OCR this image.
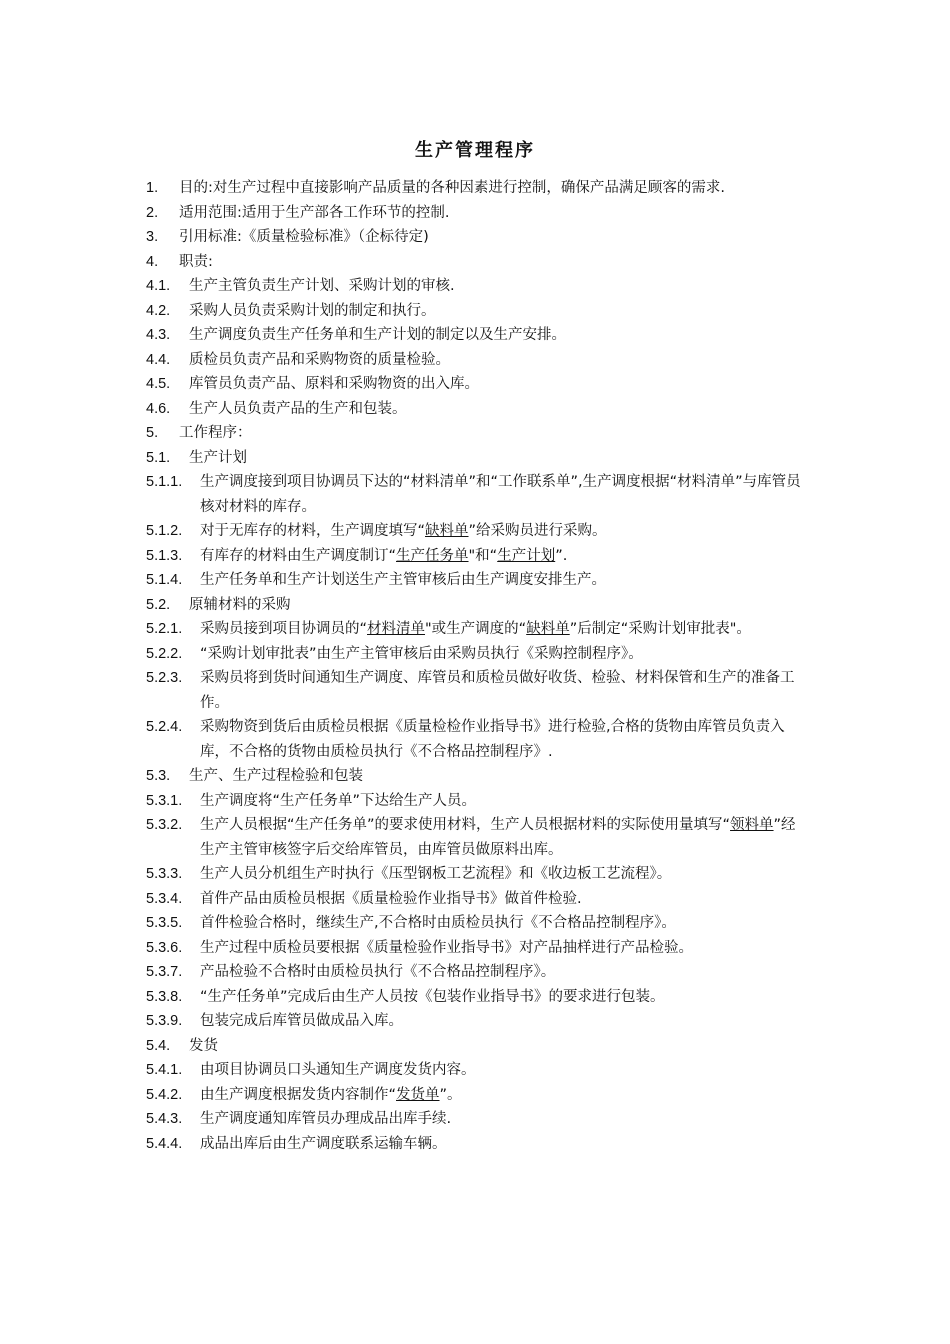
生产管理程序
1.	目的:对生产过程中直接影响产品质量的各种因素进行控制，确保产品满足顾客的需求.
2.	适用范围:适用于生产部各工作环节的控制.
3.	引用标准:《质量检验标准》（企标待定)
4.	职责:
4.1.	生产主管负责生产计划、采购计划的审核.
4.2.	采购人员负责采购计划的制定和执行。
4.3.	生产调度负责生产任务单和生产计划的制定以及生产安排。
4.4.	质检员负责产品和采购物资的质量检验。
4.5.	库管员负责产品、原料和采购物资的出入库。
4.6.	生产人员负责产品的生产和包装。
5.	工作程序：
5.1.	生产计划
5.1.1.	生产调度接到项目协调员下达的“材料清单”和“工作联系单”,生产调度根据“材料清单”与库管员核对材料的库存。
5.1.2.	对于无库存的材料，生产调度填写“缺料单”给采购员进行采购。
5.1.3.	有库存的材料由生产调度制订“生产任务单"和“生产计划”.
5.1.4.	生产任务单和生产计划送生产主管审核后由生产调度安排生产。
5.2.	原辅材料的采购
5.2.1.	采购员接到项目协调员的“材料清单"或生产调度的“缺料单”后制定“采购计划审批表"。
5.2.2.	“采购计划审批表”由生产主管审核后由采购员执行《采购控制程序》。
5.2.3.	采购员将到货时间通知生产调度、库管员和质检员做好收货、检验、材料保管和生产的准备工作。
5.2.4.	采购物资到货后由质检员根据《质量检检作业指导书》进行检验,合格的货物由库管员负责入库，不合格的货物由质检员执行《不合格品控制程序》.
5.3.	生产、生产过程检验和包装
5.3.1.	生产调度将“生产任务单”下达给生产人员。
5.3.2.	生产人员根据“生产任务单”的要求使用材料，生产人员根据材料的实际使用量填写“领料单”经生产主管审核签字后交给库管员，由库管员做原料出库。
5.3.3.	生产人员分机组生产时执行《压型钢板工艺流程》和《收边板工艺流程》。
5.3.4.	首件产品由质检员根据《质量检验作业指导书》做首件检验.
5.3.5.	首件检验合格时，继续生产,不合格时由质检员执行《不合格品控制程序》。
5.3.6.	生产过程中质检员要根据《质量检验作业指导书》对产品抽样进行产品检验。
5.3.7.	产品检验不合格时由质检员执行《不合格品控制程序》。
5.3.8.	“生产任务单”完成后由生产人员按《包装作业指导书》的要求进行包装。
5.3.9.	包装完成后库管员做成品入库。
5.4.	发货
5.4.1.	由项目协调员口头通知生产调度发货内容。
5.4.2.	由生产调度根据发货内容制作“发货单”。
5.4.3.	生产调度通知库管员办理成品出库手续.
5.4.4.	成品出库后由生产调度联系运输车辆。
